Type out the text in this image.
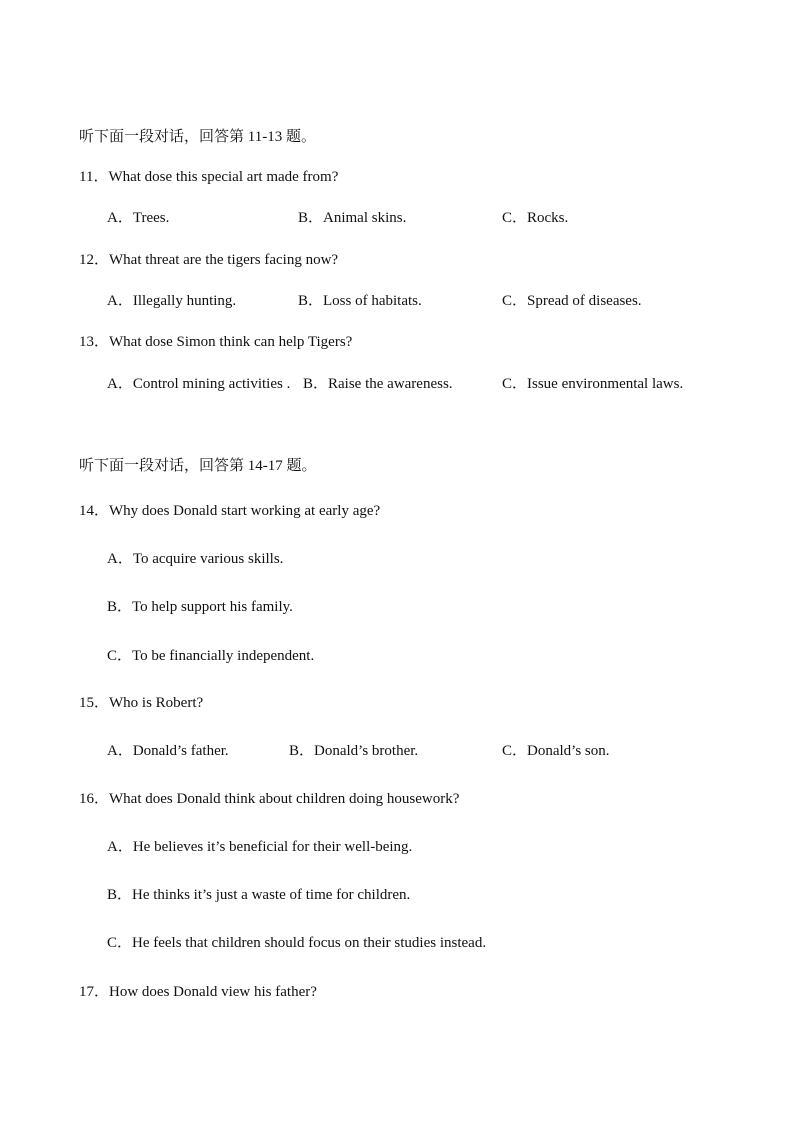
听下面一段对话，回答第 11-13 题。
11．What dose this special art made from?
A．Trees.	B．Animal skins.	C．Rocks.
12．What threat are the tigers facing now?
A．Illegally hunting.	B．Loss of habitats.	C．Spread of diseases.
13．What dose Simon think can help Tigers?
A．Control mining activities . B．Raise the awareness.	C．Issue environmental laws.
听下面一段对话，回答第 14-17 题。
14．Why does Donald start working at early age?
A．To acquire various skills.
B．To help support his family.
C．To be financially independent.
15．Who is Robert?
A．Donald’s father.	B．Donald’s brother.	C．Donald’s son.
16．What does Donald think about children doing housework?
A．He believes it’s beneficial for their well-being.
B．He thinks it’s just a waste of time for children.
C．He feels that children should focus on their studies instead.
17．How does Donald view his father?
